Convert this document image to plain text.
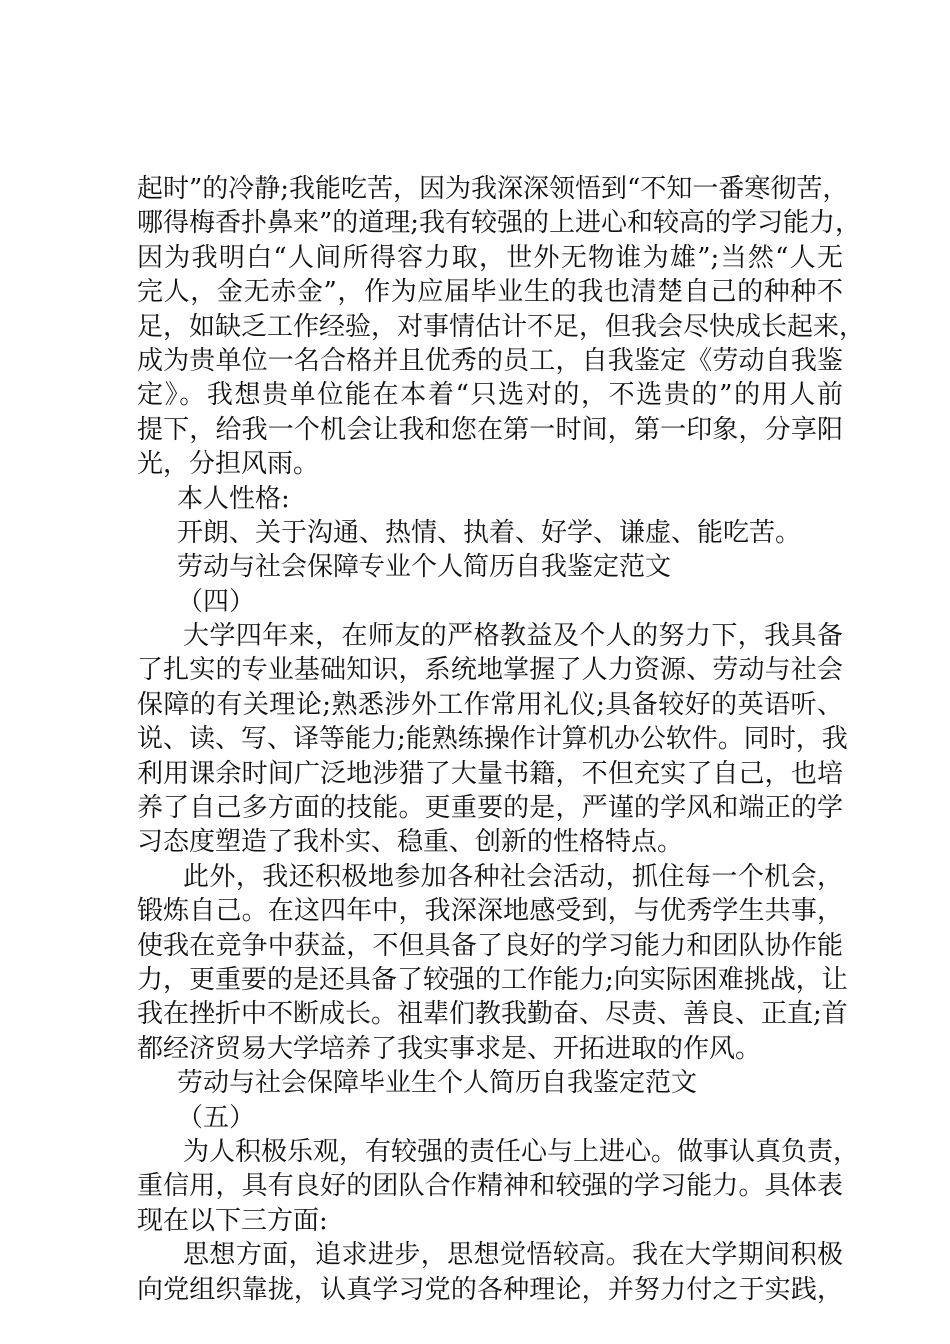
起时”的冷静;我能吃苦，因为我深深领悟到“不知一番寒彻苦，
哪得梅香扑鼻来”的道理;我有较强的上进心和较高的学习能力，
因为我明白“人间所得容力取，世外无物谁为雄”;当然“人无
完人，金无赤金”，作为应届毕业生的我也清楚自己的种种不
足，如缺乏工作经验，对事情估计不足，但我会尽快成长起来，
成为贵单位一名合格并且优秀的员工，自我鉴定《劳动自我鉴
定》。我想贵单位能在本着“只选对的，不选贵的”的用人前
提下，给我一个机会让我和您在第一时间，第一印象，分享阳
光，分担风雨。
本人性格:
开朗、关于沟通、热情、执着、好学、谦虚、能吃苦。
劳动与社会保障专业个人简历自我鉴定范文
（四）
大学四年来，在师友的严格教益及个人的努力下，我具备
了扎实的专业基础知识，系统地掌握了人力资源、劳动与社会
保障的有关理论;熟悉涉外工作常用礼仪;具备较好的英语听、
说、读、写、译等能力;能熟练操作计算机办公软件。同时，我
利用课余时间广泛地涉猎了大量书籍，不但充实了自己，也培
养了自己多方面的技能。更重要的是，严谨的学风和端正的学
习态度塑造了我朴实、稳重、创新的性格特点。
此外，我还积极地参加各种社会活动，抓住每一个机会，
锻炼自己。在这四年中，我深深地感受到，与优秀学生共事，
使我在竞争中获益，不但具备了良好的学习能力和团队协作能
力，更重要的是还具备了较强的工作能力;向实际困难挑战，让
我在挫折中不断成长。祖辈们教我勤奋、尽责、善良、正直;首
都经济贸易大学培养了我实事求是、开拓进取的作风。
劳动与社会保障毕业生个人简历自我鉴定范文
（五）
为人积极乐观，有较强的责任心与上进心。做事认真负责，
重信用，具有良好的团队合作精神和较强的学习能力。具体表
现在以下三方面:
思想方面，追求进步，思想觉悟较高。我在大学期间积极
向党组织靠拢，认真学习党的各种理论，并努力付之于实践，
